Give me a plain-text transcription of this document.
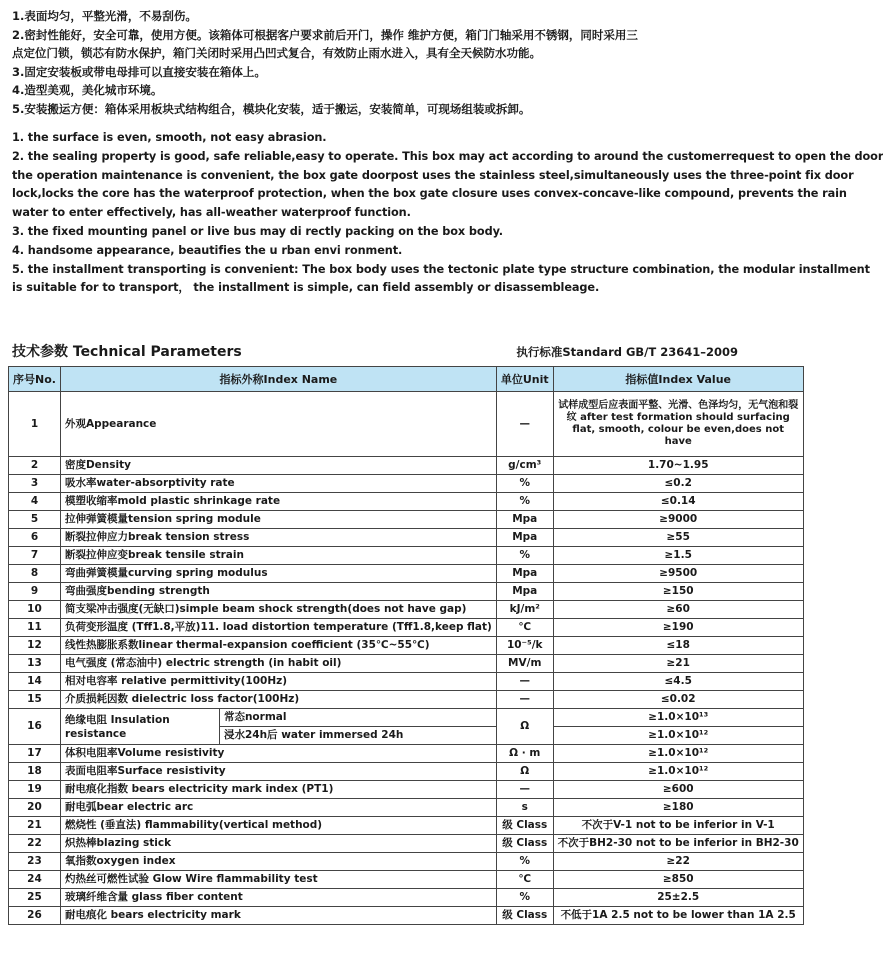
1.表面均匀，平整光滑，不易刮伤。

2.密封性能好，安全可靠，使用方便。该箱体可根据客户要求前后开门，操作 维护方便，箱门门轴采用不锈钢，同时采用三

点定位门锁，锁芯有防水保护，箱门关闭时采用凸凹式复合，有效防止雨水进入，具有全天候防水功能。

3.固定安装板或带电母排可以直接安装在箱体上。

4.造型美观，美化城市环境。

5.安装搬运方便：箱体采用板块式结构组合，模块化安装，适于搬运，安装简单，可现场组装或拆卸。

1. the surface is even, smooth, not easy abrasion.

2. the sealing property is good, safe reliable,easy to operate. This box may act according to around the customerrequest to open the door

the operation maintenance is convenient, the box gate doorpost uses the stainless steel,simultaneously uses the three-point fix door

lock,locks the core has the waterproof protection, when the box gate closure uses convex-concave-like compound, prevents the rain

water to enter effectively, has all-weather waterproof function.

3. the fixed mounting panel or live bus may di rectly packing on the box body.

4. handsome appearance, beautifies the u rban envi ronment.

5. the installment transporting is convenient: The box body uses the tectonic plate type structure combination, the modular installment

is suitable for to transport， the installment is simple, can field assembly or disassembleage.

技术参数 Technical Parameters	执行标准Standard GB/T 23641–2009
序号No.	指标外称Index Name		单位Unit	指标值Index Value
1	外观Appearance		—	试样成型后应表面平整、光滑、色泽均匀，无气泡和裂纹 after test formation should surfacing flat, smooth, colour be even,does not have
2	密度Density		g/cm³	1.70~1.95
3	吸水率water-absorptivity rate		%	≤0.2
4	模塑收缩率mold plastic shrinkage rate		%	≤0.14
5	拉伸弹簧模量tension spring module		Mpa	≥9000
6	断裂拉伸应力break tension stress		Mpa	≥55
7	断裂拉伸应变break tensile strain		%	≥1.5
8	弯曲弹簧模量curving spring modulus		Mpa	≥9500
9	弯曲强度bending strength		Mpa	≥150
10	简支梁冲击强度(无缺口)simple beam shock strength(does not have gap)		kJ/m²	≥60
11	负荷变形温度 (Tff1.8,平放)11. load distortion temperature (Tff1.8,keep flat)		℃	≥190
12	线性热膨胀系数linear thermal-expansion coefficient (35℃~55℃)		10⁻⁵/k	≤18
13	电气强度 (常态油中) electric strength (in habit oil)		MV/m	≥21
14	相对电容率 relative permittivity(100Hz)		—	≤4.5
15	介质损耗因数 dielectric loss factor(100Hz)		—	≤0.02
16	绝缘电阻 Insulation resistance	常态normal	Ω	≥1.0×10¹³
		浸水24h后 water immersed 24h		≥1.0×10¹²
17	体积电阻率Volume resistivity		Ω · m	≥1.0×10¹²
18	表面电阻率Surface resistivity		Ω	≥1.0×10¹²
19	耐电痕化指数 bears electricity mark index (PT1)		—	≥600
20	耐电弧bear electric arc		s	≥180
21	燃烧性 (垂直法) flammability(vertical method)		级 Class	不次于V-1 not to be inferior in V-1
22	炽热棒blazing stick		级 Class	不次于BH2-30 not to be inferior in BH2-30
23	氧指数oxygen index		%	≥22
24	灼热丝可燃性试验 Glow Wire flammability test		℃	≥850
25	玻璃纤维含量 glass fiber content		%	25±2.5
26	耐电痕化 bears electricity mark		级 Class	不低于1A 2.5 not to be lower than 1A 2.5
